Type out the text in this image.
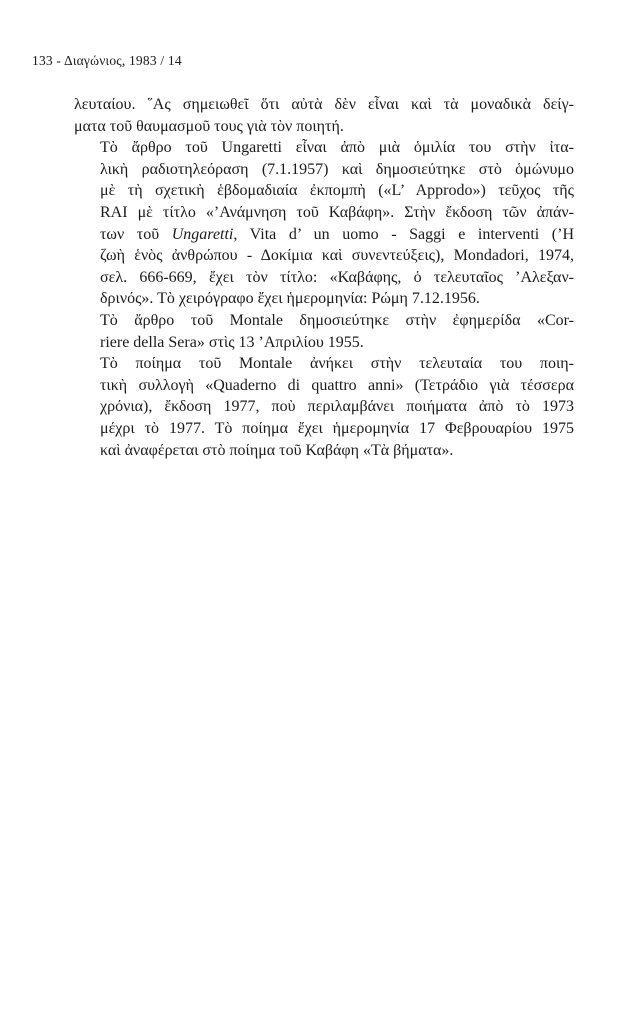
133 - Διαγώνιος, 1983 / 14

λευταίου. ῞Ας σημειωθεῖ ὅτι αὐτὰ δὲν εἶναι καὶ τὰ μοναδικὰ δείγ-
ματα τοῦ θαυμασμοῦ τους γιὰ τὸν ποιητή.

Τὸ ἄρθρο τοῦ Ungaretti εἶναι ἀπὸ μιὰ ὁμιλία του στὴν ἰτα-
λικὴ ραδιοτηλεόραση (7.1.1957) καὶ δημοσιεύτηκε στὸ ὁμώνυμο
μὲ τὴ σχετικὴ ἑβδομαδιαία ἐκπομπὴ («L’ Approdo») τεῦχος τῆς
RAI μὲ τίτλο «’Ανάμνηση τοῦ Καβάφη». Στὴν ἔκδοση τῶν ἀπάν-
των τοῦ Ungaretti, Vita d’ un uomo - Saggi e interventi (’Η
ζωὴ ἑνὸς ἀνθρώπου - Δοκίμια καὶ συνεντεύξεις), Mondadori, 1974,
σελ. 666-669, ἔχει τὸν τίτλο: «Καβάφης, ὁ τελευταῖος ’Αλεξαν-
δρινός». Τὸ χειρόγραφο ἔχει ἡμερομηνία: Ρώμη 7.12.1956.

Τὸ ἄρθρο τοῦ Montale δημοσιεύτηκε στὴν ἐφημερίδα «Cor-
riere della Sera» στὶς 13 ’Απριλίου 1955.

Τὸ ποίημα τοῦ Montale ἀνήκει στὴν τελευταία του ποιη-
τικὴ συλλογὴ «Quaderno di quattro anni» (Τετράδιο γιὰ τέσσερα
χρόνια), ἔκδοση 1977, ποὺ περιλαμβάνει ποιήματα ἀπὸ τὸ 1973
μέχρι τὸ 1977. Τὸ ποίημα ἔχει ἡμερομηνία 17 Φεβρουαρίου 1975
καὶ ἀναφέρεται στὸ ποίημα τοῦ Καβάφη «Τὰ βήματα».
